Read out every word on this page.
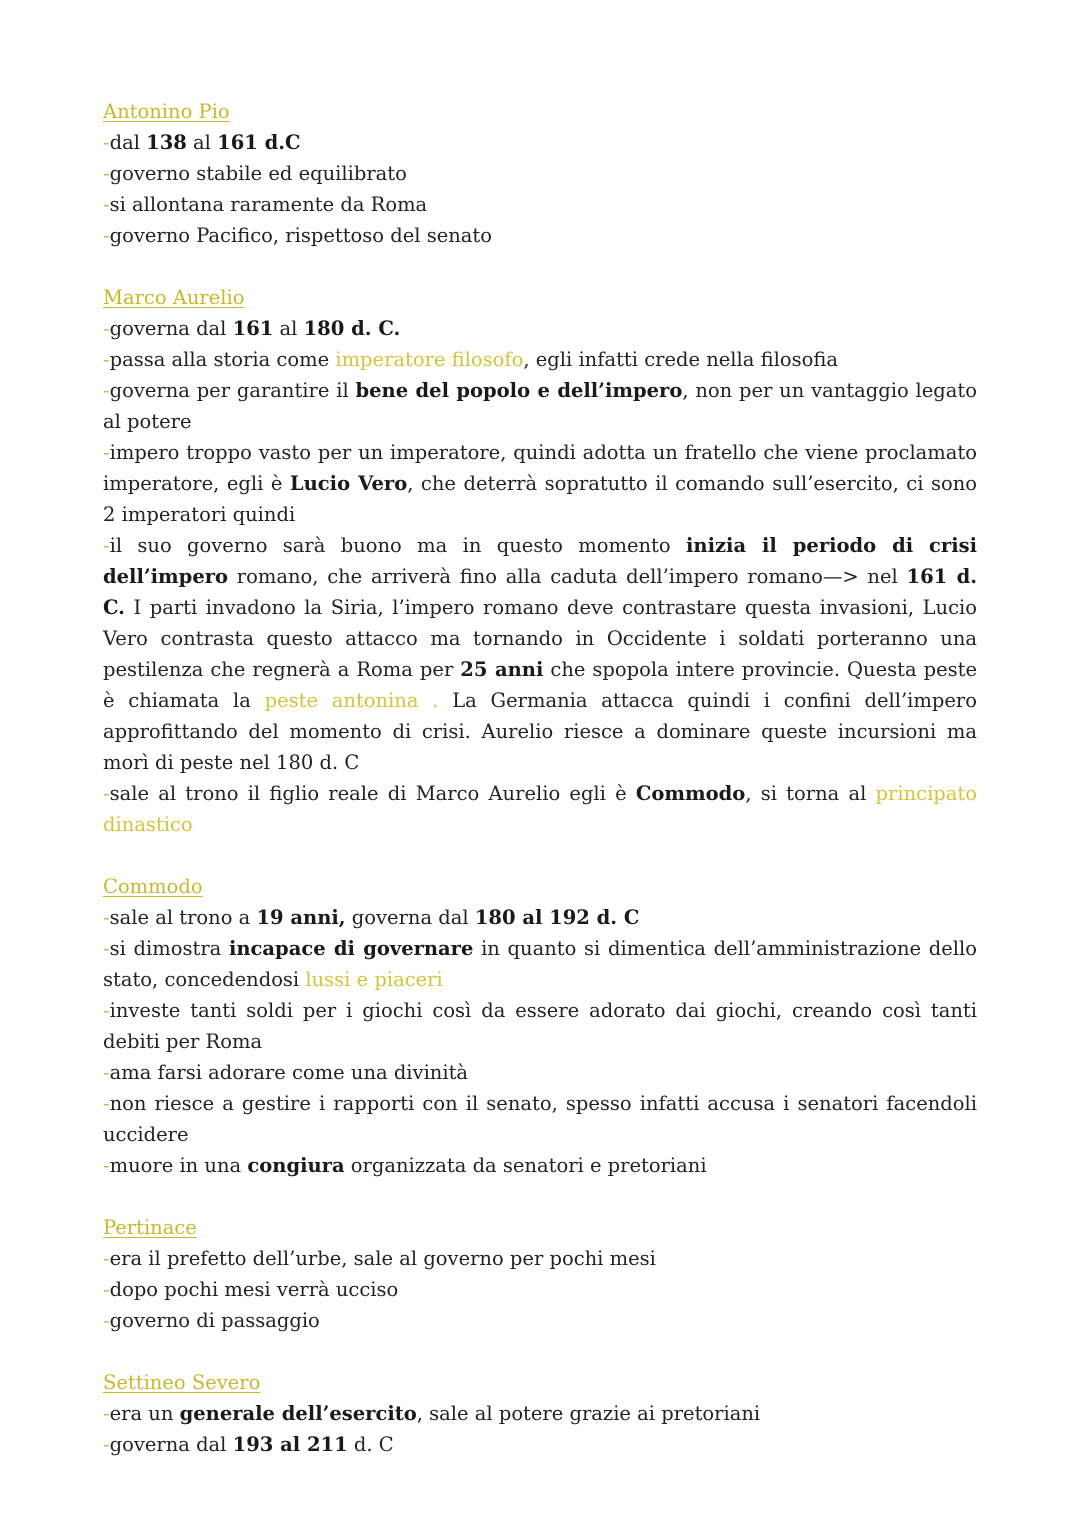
Antonino Pio

-dal 138 al 161 d.C

-governo stabile ed equilibrato

-si allontana raramente da Roma

-governo Pacifico, rispettoso del senato

Marco Aurelio

-governa dal 161 al 180 d. C.

-passa alla storia come imperatore filosofo, egli infatti crede nella filosofia

-governa per garantire il bene del popolo e dell’impero, non per un vantaggio legato al potere

-impero troppo vasto per un imperatore, quindi adotta un fratello che viene proclamato imperatore, egli è Lucio Vero, che deterrà sopratutto il comando sull’esercito, ci sono 2 imperatori quindi

-il suo governo sarà buono ma in questo momento inizia il periodo di crisi dell’impero romano, che arriverà fino alla caduta dell’impero romano—> nel 161 d. C. I parti invadono la Siria, l’impero romano deve contrastare questa invasioni, Lucio Vero contrasta questo attacco ma tornando in Occidente i soldati porteranno una pestilenza che regnerà a Roma per 25 anni che spopola intere provincie. Questa peste è chiamata la peste antonina . La Germania attacca quindi i confini dell’impero approfittando del momento di crisi. Aurelio riesce a dominare queste incursioni ma morì di peste nel 180 d. C

-sale al trono il figlio reale di Marco Aurelio egli è Commodo, si torna al principato dinastico

Commodo

-sale al trono a 19 anni, governa dal 180 al 192 d. C

-si dimostra incapace di governare in quanto si dimentica dell’amministrazione dello stato, concedendosi lussi e piaceri

-investe tanti soldi per i giochi così da essere adorato dai giochi, creando così tanti debiti per Roma

-ama farsi adorare come una divinità

-non riesce a gestire i rapporti con il senato, spesso infatti accusa i senatori facendoli uccidere

-muore in una congiura organizzata da senatori e pretoriani

Pertinace

-era il prefetto dell’urbe, sale al governo per pochi mesi

-dopo pochi mesi verrà ucciso

-governo di passaggio

Settineo Severo

-era un generale dell’esercito, sale al potere grazie ai pretoriani

-governa dal 193 al 211 d. C
